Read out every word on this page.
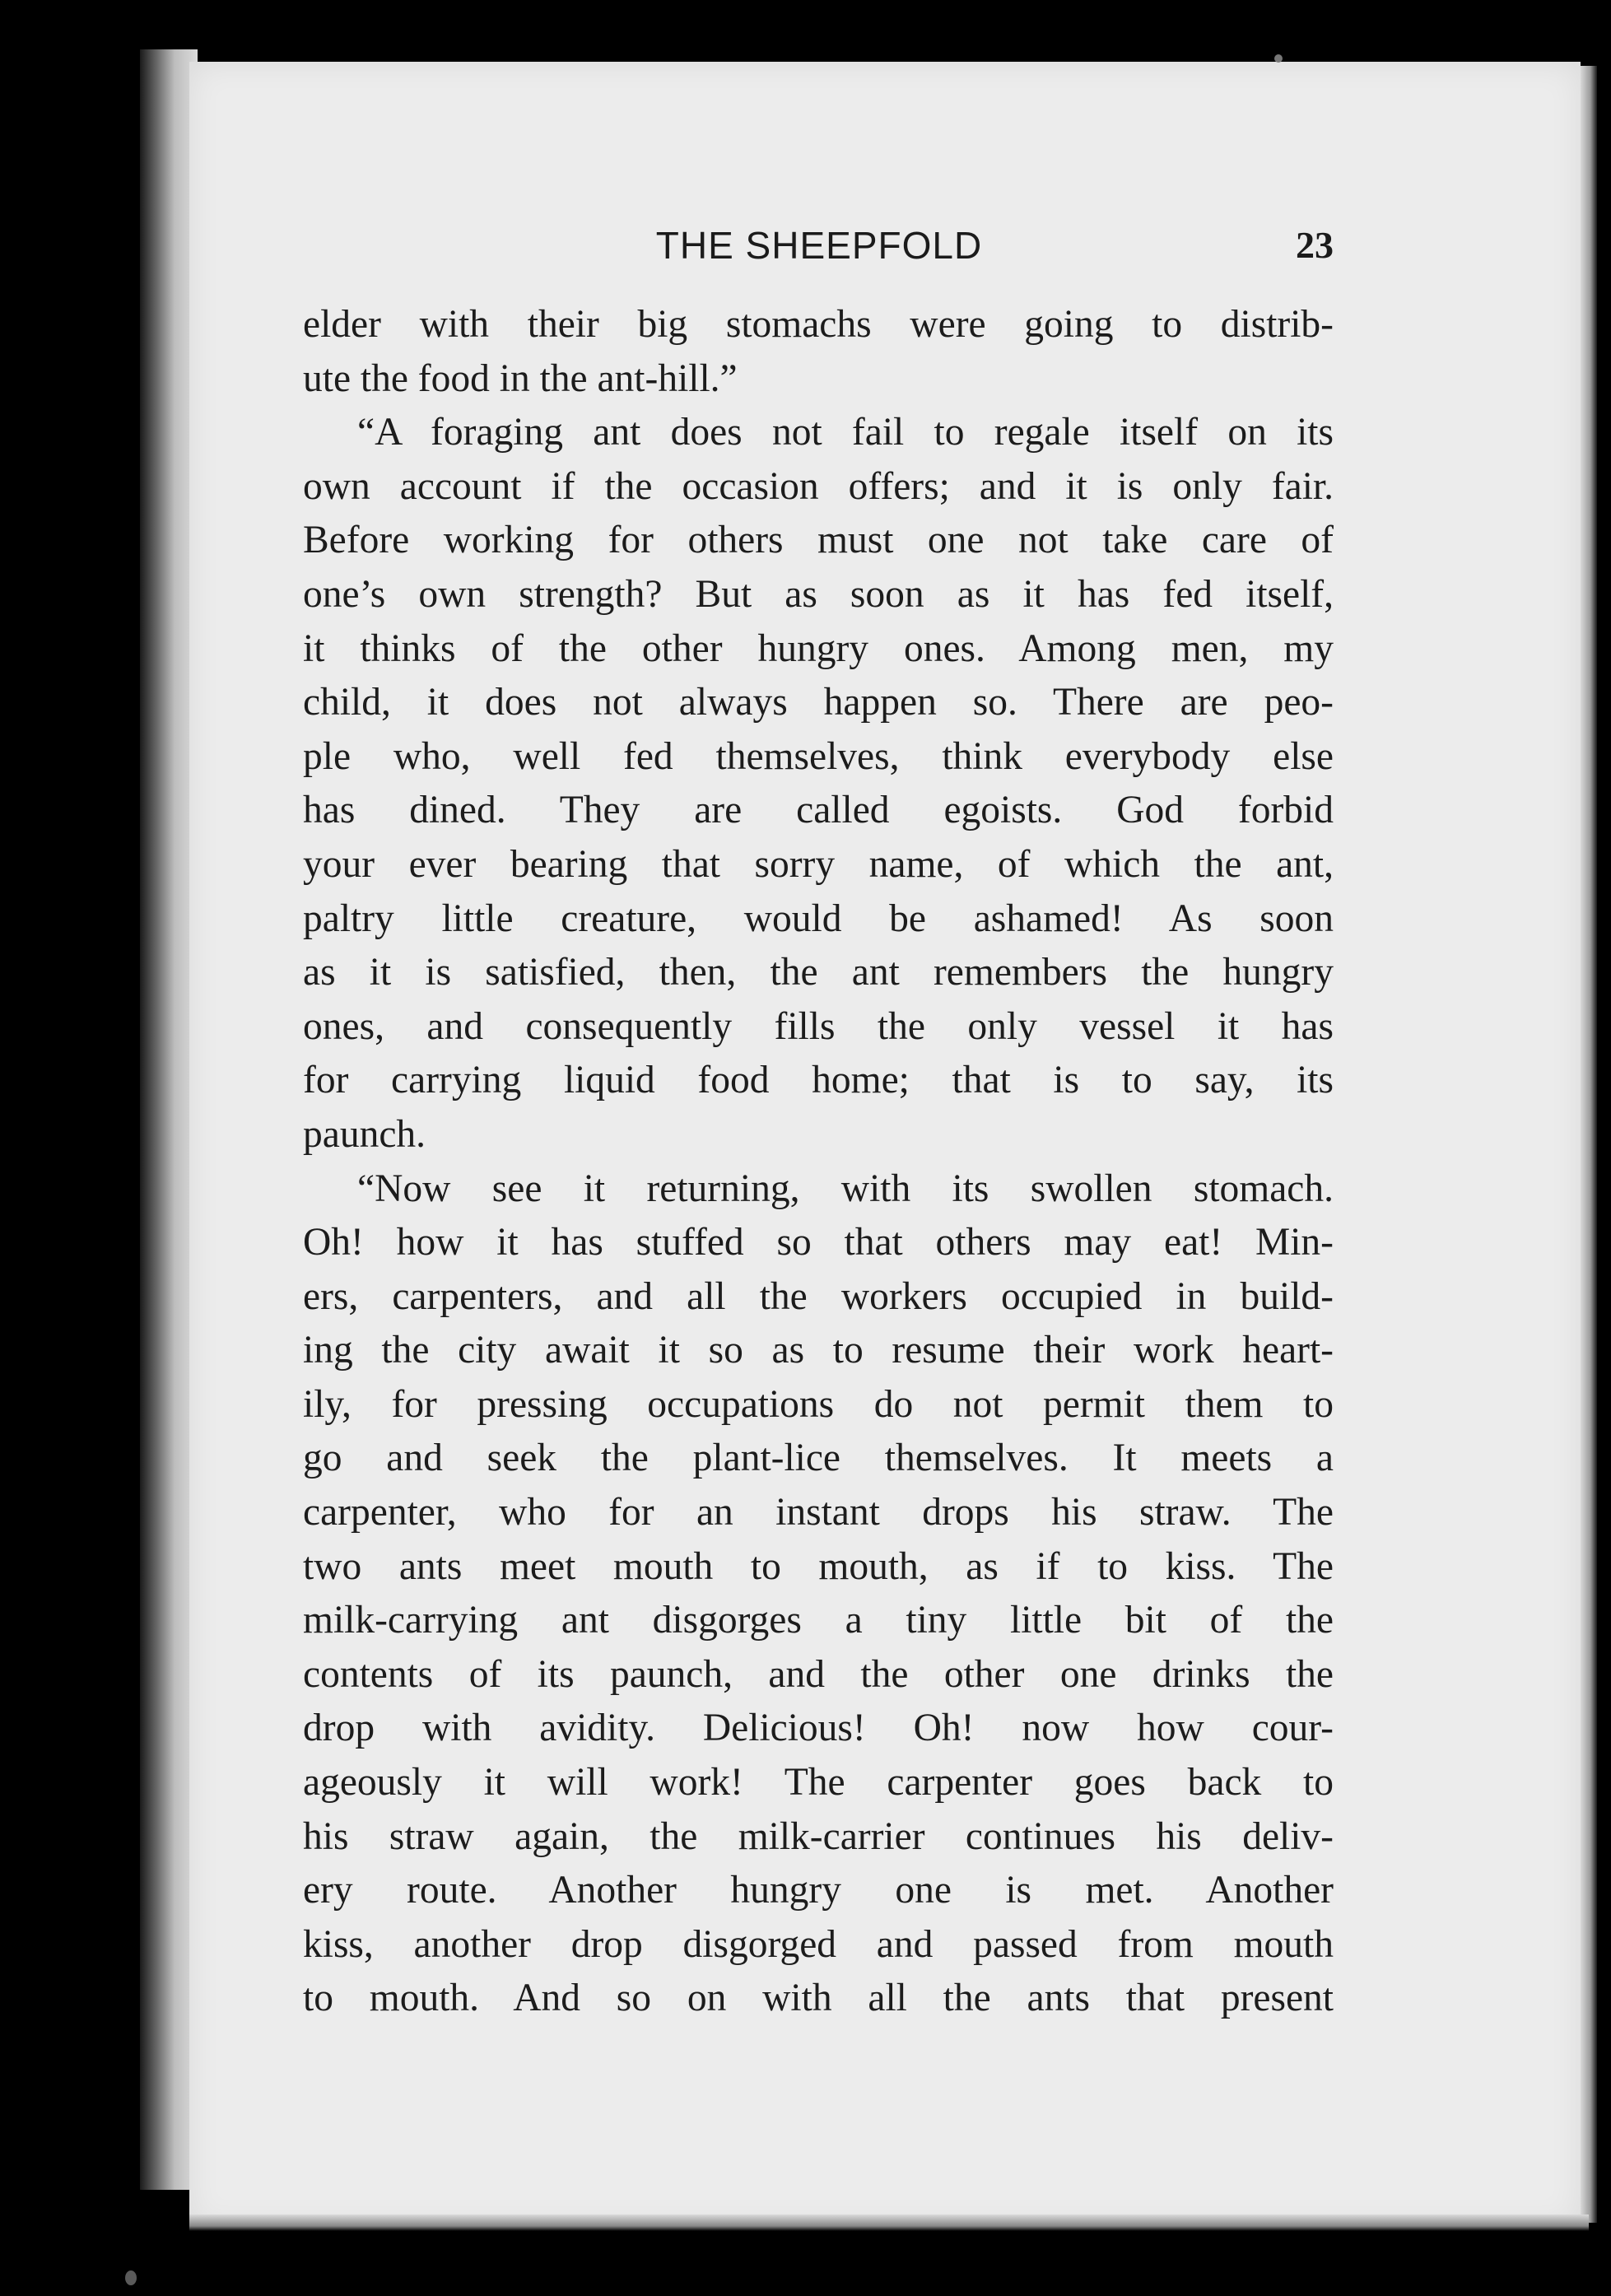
THE SHEEPFOLD	23
elder with their big stomachs were going to distrib-
ute the food in the ant-hill.”
“A foraging ant does not fail to regale itself on its
own account if the occasion offers; and it is only fair.
Before working for others must one not take care of
one’s own strength? But as soon as it has fed itself,
it thinks of the other hungry ones. Among men, my
child, it does not always happen so. There are peo-
ple who, well fed themselves, think everybody else
has dined. They are called egoists. God forbid
your ever bearing that sorry name, of which the ant,
paltry little creature, would be ashamed! As soon
as it is satisfied, then, the ant remembers the hungry
ones, and consequently fills the only vessel it has
for carrying liquid food home; that is to say, its
paunch.
“Now see it returning, with its swollen stomach.
Oh! how it has stuffed so that others may eat! Min-
ers, carpenters, and all the workers occupied in build-
ing the city await it so as to resume their work heart-
ily, for pressing occupations do not permit them to
go and seek the plant-lice themselves. It meets a
carpenter, who for an instant drops his straw. The
two ants meet mouth to mouth, as if to kiss. The
milk-carrying ant disgorges a tiny little bit of the
contents of its paunch, and the other one drinks the
drop with avidity. Delicious! Oh! now how cour-
ageously it will work! The carpenter goes back to
his straw again, the milk-carrier continues his deliv-
ery route. Another hungry one is met. Another
kiss, another drop disgorged and passed from mouth
to mouth. And so on with all the ants that present
